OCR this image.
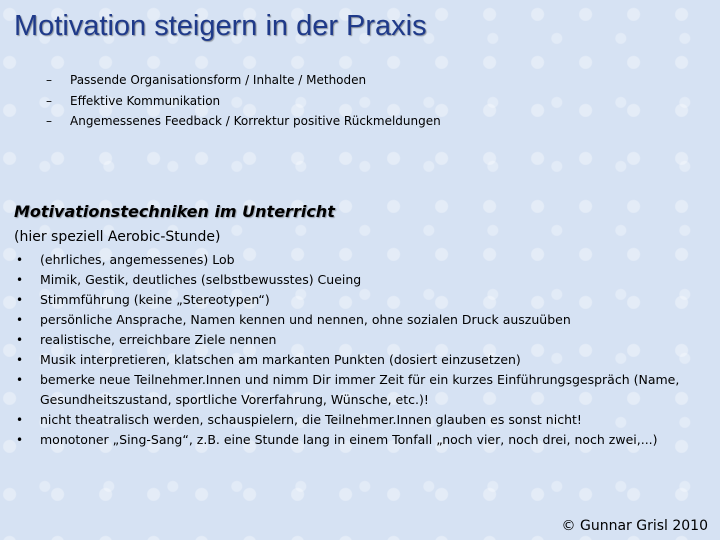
Motivation steigern in der Praxis
– Passende Organisationsform / Inhalte / Methoden
– Effektive Kommunikation
– Angemessenes Feedback / Korrektur positive Rückmeldungen
Motivationstechniken im Unterricht
(hier speziell Aerobic-Stunde)
• (ehrliches, angemessenes) Lob
• Mimik, Gestik, deutliches (selbstbewusstes) Cueing
• Stimmführung (keine „Stereotypen“)
• persönliche Ansprache, Namen kennen und nennen, ohne sozialen Druck auszuüben
• realistische, erreichbare Ziele nennen
• Musik interpretieren, klatschen am markanten Punkten (dosiert einzusetzen)
• bemerke neue Teilnehmer.Innen und nimm Dir immer Zeit für ein kurzes Einführungsgespräch (Name, Gesundheitszustand, sportliche Vorerfahrung, Wünsche, etc.)!
• nicht theatralisch werden, schauspielern, die Teilnehmer.Innen glauben es sonst nicht!
• monotoner „Sing-Sang“, z.B. eine Stunde lang in einem Tonfall „noch vier, noch drei, noch zwei,...)
© Gunnar Grisl 2010
